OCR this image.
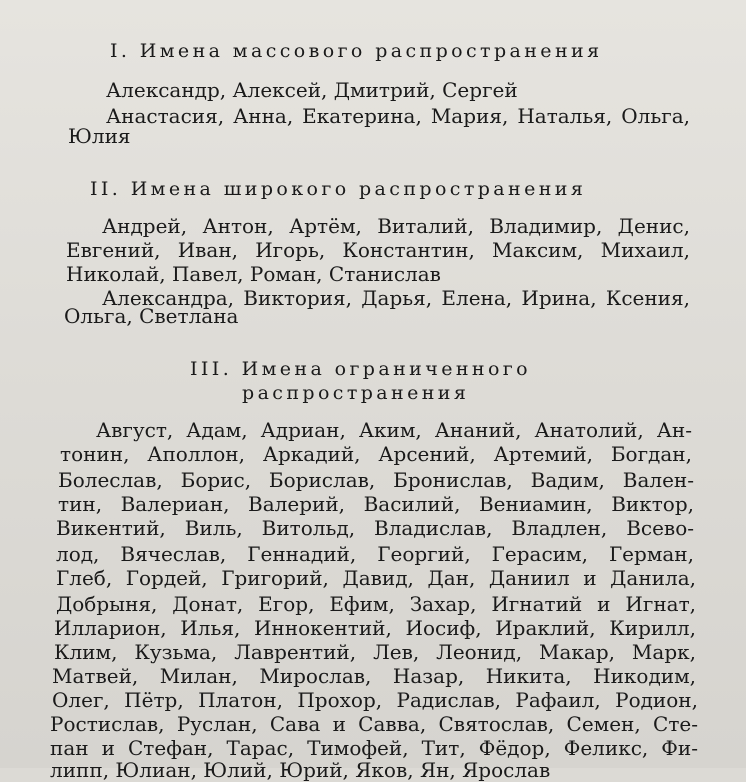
I. Имена массового распространения
Александр, Алексей, Дмитрий, Сергей
Анастасия, Анна, Екатерина, Мария, Наталья, Ольга,
Юлия
II. Имена широкого распространения
Андрей, Антон, Артём, Виталий, Владимир, Денис,
Евгений, Иван, Игорь, Константин, Максим, Михаил,
Николай, Павел, Роман, Станислав
Александра, Виктория, Дарья, Елена, Ирина, Ксения,
Ольга, Светлана
III. Имена ограниченного
распространения
Август, Адам, Адриан, Аким, Ананий, Анатолий, Ан-
тонин, Аполлон, Аркадий, Арсений, Артемий, Богдан,
Болеслав, Борис, Борислав, Бронислав, Вадим, Вален-
тин, Валериан, Валерий, Василий, Вениамин, Виктор,
Викентий, Виль, Витольд, Владислав, Владлен, Всево-
лод, Вячеслав, Геннадий, Георгий, Герасим, Герман,
Глеб, Гордей, Григорий, Давид, Дан, Даниил и Данила,
Добрыня, Донат, Егор, Ефим, Захар, Игнатий и Игнат,
Илларион, Илья, Иннокентий, Иосиф, Ираклий, Кирилл,
Клим, Кузьма, Лаврентий, Лев, Леонид, Макар, Марк,
Матвей, Милан, Мирослав, Назар, Никита, Никодим,
Олег, Пётр, Платон, Прохор, Радислав, Рафаил, Родион,
Ростислав, Руслан, Сава и Савва, Святослав, Семен, Сте-
пан и Стефан, Тарас, Тимофей, Тит, Фёдор, Феликс, Фи-
липп, Юлиан, Юлий, Юрий, Яков, Ян, Ярослав
